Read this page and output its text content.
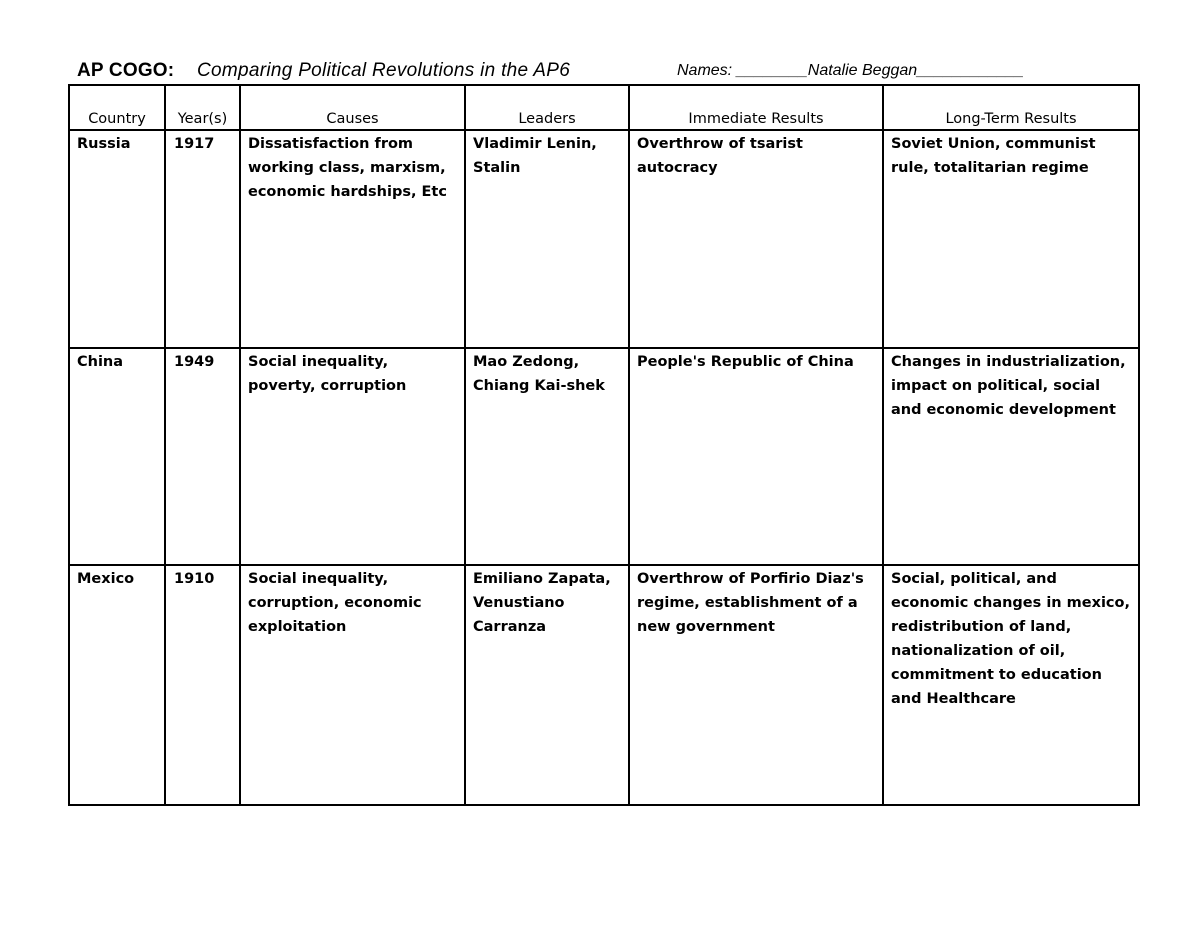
AP COGO: Comparing Political Revolutions in the AP6	Names: ________Natalie Beggan____________
Country	Year(s)	Causes	Leaders	Immediate Results	Long-Term Results
Russia	1917	Dissatisfaction from working class, marxism, economic hardships, Etc	Vladimir Lenin, Stalin	Overthrow of tsarist autocracy	Soviet Union, communist rule, totalitarian regime
China	1949	Social inequality, poverty, corruption	Mao Zedong, Chiang Kai-shek	People's Republic of China	Changes in industrialization, impact on political, social and economic development
Mexico	1910	Social inequality, corruption, economic exploitation	Emiliano Zapata, Venustiano Carranza	Overthrow of Porfirio Diaz's regime, establishment of a new government	Social, political, and economic changes in mexico, redistribution of land, nationalization of oil, commitment to education and Healthcare
